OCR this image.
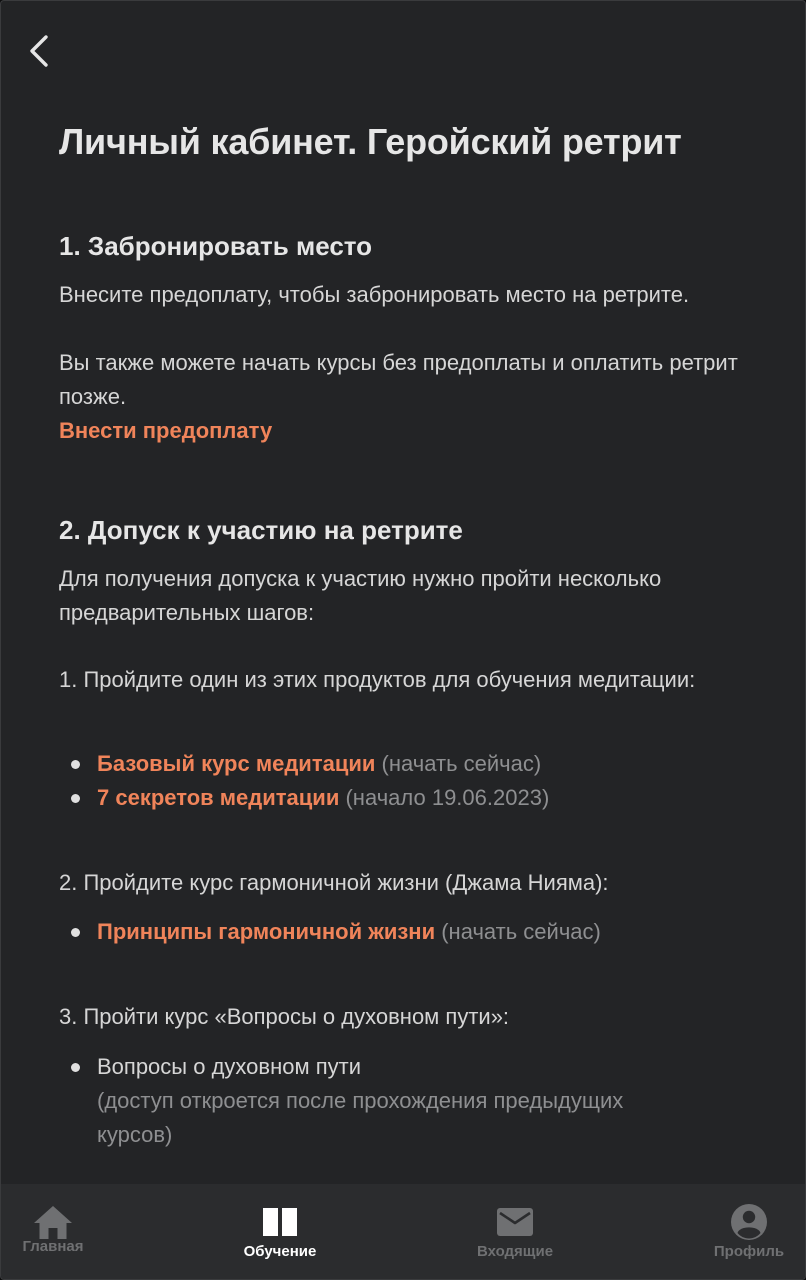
Личный кабинет. Геройский ретрит
1. Забронировать место

Внесите предоплату, чтобы забронировать место на ретрите.

Вы также можете начать курсы без предоплаты и оплатить ретрит позже.

Внести предоплату

2. Допуск к участию на ретрите

Для получения допуска к участию нужно пройти несколько предварительных шагов:

1. Пройдите один из этих продуктов для обучения медитации:

Базовый курс медитации (начать сейчас)
7 секретов медитации (начало 19.06.2023)

2. Пройдите курс гармоничной жизни (Джама Нияма):

Принципы гармоничной жизни (начать сейчас)

3. Пройти курс «Вопросы о духовном пути»:

Вопросы о духовном пути
(доступ откроется после прохождения предыдущих курсов)
Главная	Обучение	Входящие	Профиль
